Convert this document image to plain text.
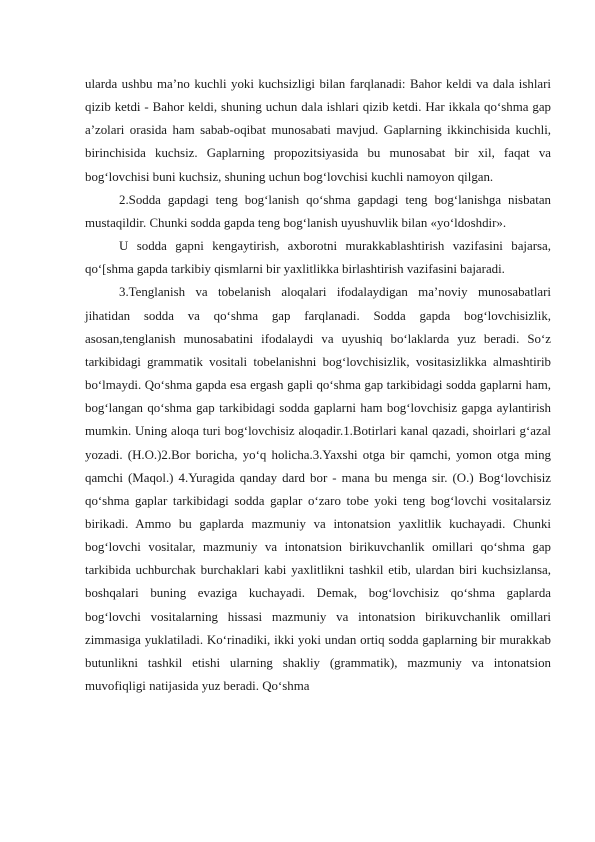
ularda ushbu ma’no kuchli yoki kuchsizligi bilan farqlanadi: Bahor keldi va dala ishlari qizib ketdi - Bahor keldi, shuning uchun dala ishlari qizib ketdi. Har ikkala qo‘shma gap a’zolari orasida ham sabab-oqibat munosabati mavjud. Gaplarning ikkinchisida kuchli, birinchisida kuchsiz. Gaplarning propozitsiyasida bu munosabat bir xil, faqat va bog‘lovchisi buni kuchsiz, shuning uchun bog‘lovchisi kuchli namoyon qilgan.

2.Sodda gapdagi teng bog‘lanish qo‘shma gapdagi teng bog‘lanishga nisbatan mustaqildir. Chunki sodda gapda teng bog‘lanish uyushuvlik bilan «yo‘ldoshdir».

U sodda gapni kengaytirish, axborotni murakkablashtirish vazifasini bajarsa, qo‘[shma gapda tarkibiy qismlarni bir yaxlitlikka birlashtirish vazifasini bajaradi.

3.Tenglanish va tobelanish aloqalari ifodalaydigan ma’noviy munosabatlari jihatidan sodda va qo‘shma gap farqlanadi. Sodda gapda bog‘lovchisizlik, asosan,tenglanish munosabatini ifodalaydi va uyushiq bo‘laklarda yuz beradi. So‘z tarkibidagi grammatik vositali tobelanishni bog‘lovchisizlik, vositasizlikka almashtirib bo‘lmaydi. Qo‘shma gapda esa ergash gapli qo‘shma gap tarkibidagi sodda gaplarni ham, bog‘langan qo‘shma gap tarkibidagi sodda gaplarni ham bog‘lovchisiz gapga aylantirish mumkin. Uning aloqa turi bog‘lovchisiz aloqadir.1.Botirlari kanal qazadi, shoirlari g‘azal yozadi. (H.O.)2.Bor boricha, yo‘q holicha.3.Yaxshi otga bir qamchi, yomon otga ming qamchi (Maqol.) 4.Yuragida qanday dard bor - mana bu menga sir. (O.) Bog‘lovchisiz qo‘shma gaplar tarkibidagi sodda gaplar o‘zaro tobe yoki teng bog‘lovchi vositalarsiz birikadi. Ammo bu gaplarda mazmuniy va intonatsion yaxlitlik kuchayadi. Chunki bog‘lovchi vositalar, mazmuniy va intonatsion birikuvchanlik omillari qo‘shma gap tarkibida uchburchak burchaklari kabi yaxlitlikni tashkil etib, ulardan biri kuchsizlansa, boshqalari buning evaziga kuchayadi. Demak, bog‘lovchisiz qo‘shma gaplarda bog‘lovchi vositalarning hissasi mazmuniy va intonatsion birikuvchanlik omillari zimmasiga yuklatiladi. Ko‘rinadiki, ikki yoki undan ortiq sodda gaplarning bir murakkab butunlikni tashkil etishi ularning shakliy (grammatik), mazmuniy va intonatsion muvofiqligi natijasida yuz beradi. Qo‘shma
